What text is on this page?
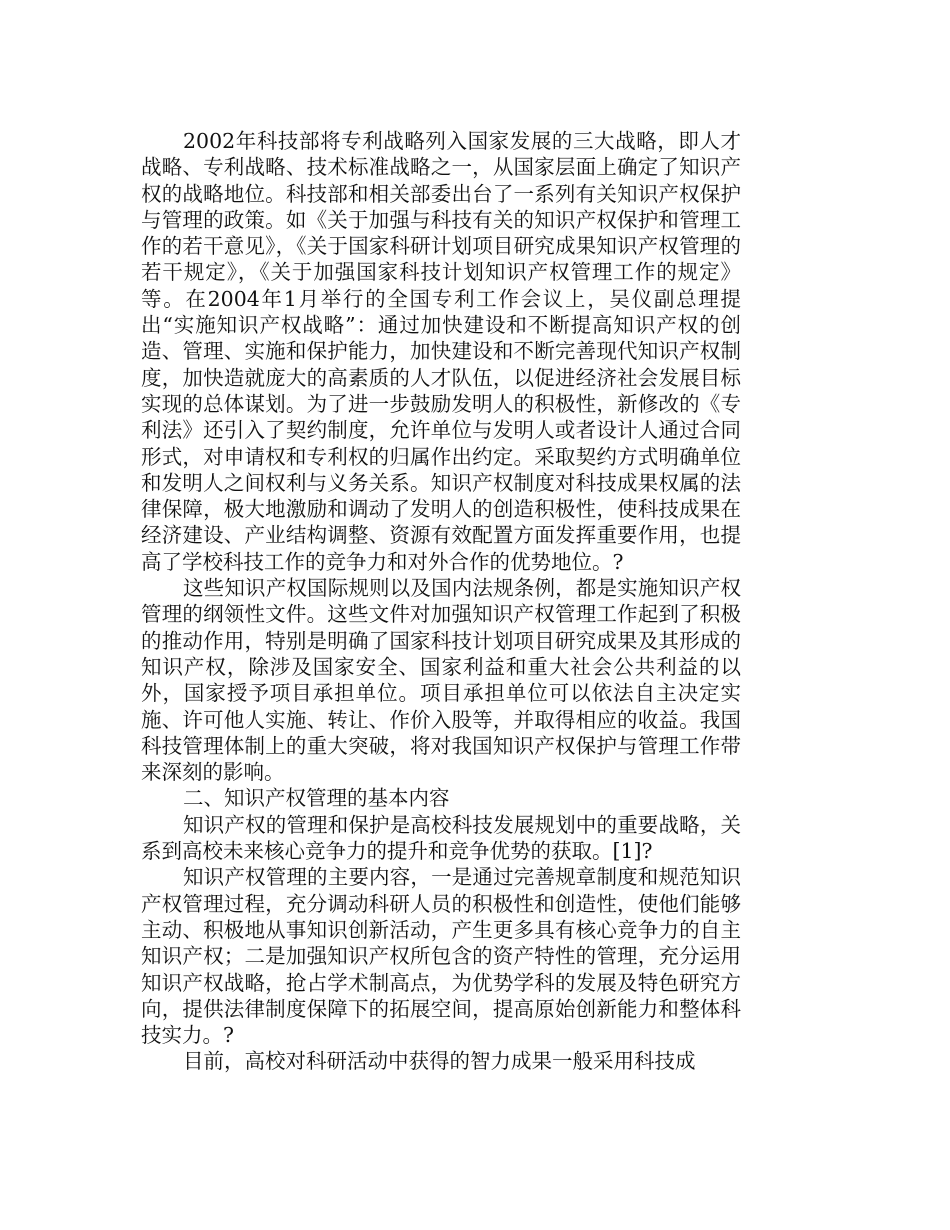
2002年科技部将专利战略列入国家发展的三大战略，即人才战略、专利战略、技术标准战略之一，从国家层面上确定了知识产权的战略地位。科技部和相关部委出台了一系列有关知识产权保护与管理的政策。如《关于加强与科技有关的知识产权保护和管理工作的若干意见》，《关于国家科研计划项目研究成果知识产权管理的若干规定》，《关于加强国家科技计划知识产权管理工作的规定》等。在2004年1月举行的全国专利工作会议上，吴仪副总理提出“实施知识产权战略”：通过加快建设和不断提高知识产权的创造、管理、实施和保护能力，加快建设和不断完善现代知识产权制度，加快造就庞大的高素质的人才队伍，以促进经济社会发展目标实现的总体谋划。为了进一步鼓励发明人的积极性，新修改的《专利法》还引入了契约制度，允许单位与发明人或者设计人通过合同形式，对申请权和专利权的归属作出约定。采取契约方式明确单位和发明人之间权利与义务关系。知识产权制度对科技成果权属的法律保障，极大地激励和调动了发明人的创造积极性，使科技成果在经济建设、产业结构调整、资源有效配置方面发挥重要作用，也提高了学校科技工作的竞争力和对外合作的优势地位。?

这些知识产权国际规则以及国内法规条例，都是实施知识产权管理的纲领性文件。这些文件对加强知识产权管理工作起到了积极的推动作用，特别是明确了国家科技计划项目研究成果及其形成的知识产权，除涉及国家安全、国家利益和重大社会公共利益的以外，国家授予项目承担单位。项目承担单位可以依法自主决定实施、许可他人实施、转让、作价入股等，并取得相应的收益。我国科技管理体制上的重大突破，将对我国知识产权保护与管理工作带来深刻的影响。

二、知识产权管理的基本内容

知识产权的管理和保护是高校科技发展规划中的重要战略，关系到高校未来核心竞争力的提升和竞争优势的获取。[1]?

知识产权管理的主要内容，一是通过完善规章制度和规范知识产权管理过程，充分调动科研人员的积极性和创造性，使他们能够主动、积极地从事知识创新活动，产生更多具有核心竞争力的自主知识产权；二是加强知识产权所包含的资产特性的管理，充分运用知识产权战略，抢占学术制高点，为优势学科的发展及特色研究方向，提供法律制度保障下的拓展空间，提高原始创新能力和整体科技实力。?

目前，高校对科研活动中获得的智力成果一般采用科技成
